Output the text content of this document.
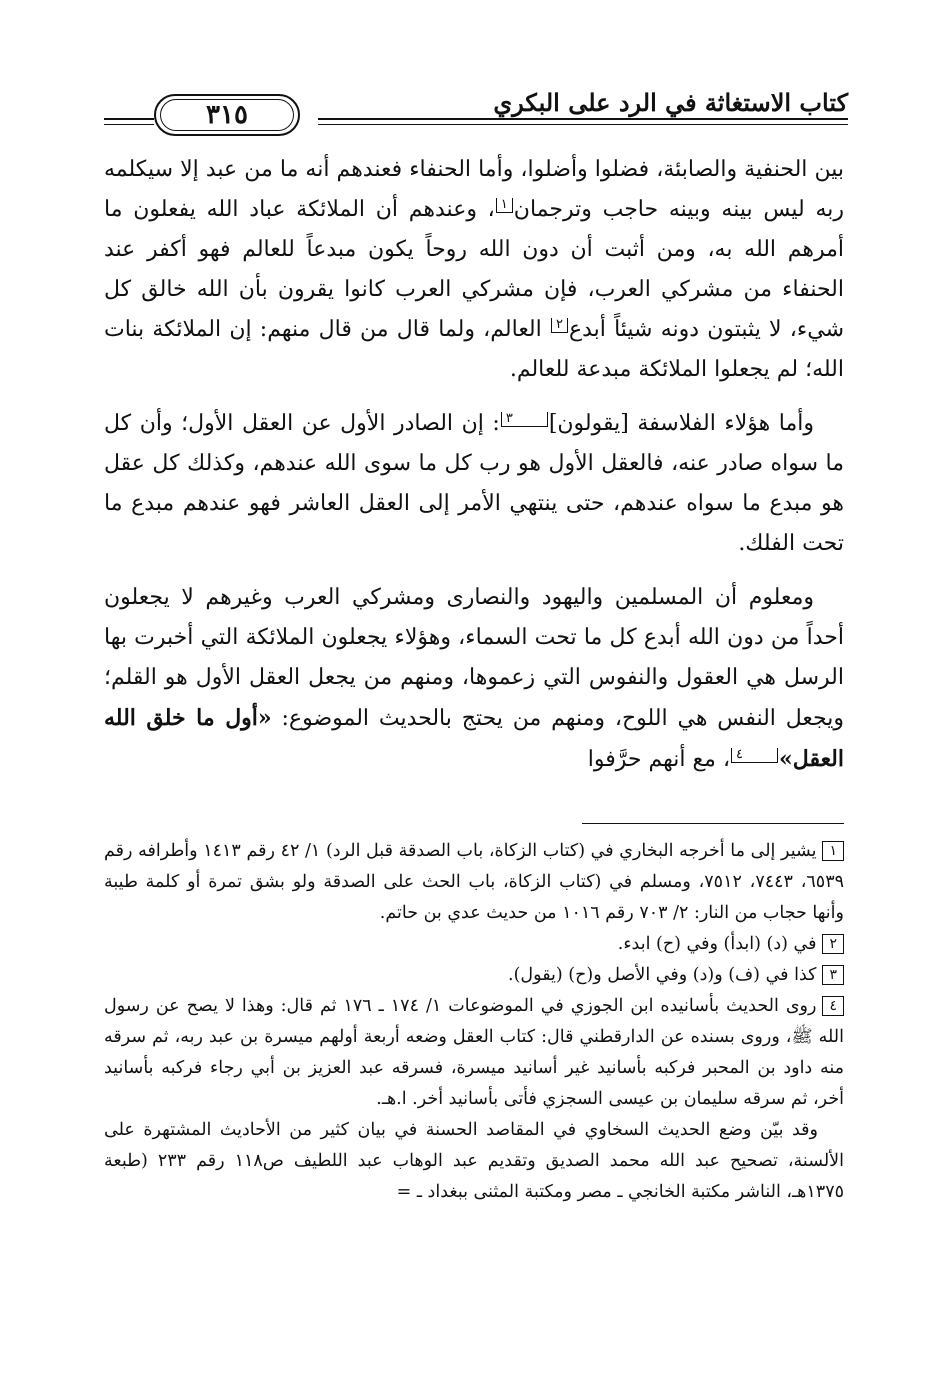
كتاب الاستغاثة في الرد على البكري
٣١٥

بين الحنفية والصابئة، فضلوا وأضلوا، وأما الحنفاء فعندهم أنه ما من عبد إلا سيكلمه ربه ليس بينه وبينه حاجب وترجمان١، وعندهم أن الملائكة عباد الله يفعلون ما أمرهم الله به، ومن أثبت أن دون الله روحاً يكون مبدعاً للعالم فهو أكفر عند الحنفاء من مشركي العرب، فإن مشركي العرب كانوا يقرون بأن الله خالق كل شيء، لا يثبتون دونه شيئاً أبدع٢ العالم، ولما قال من قال منهم: إن الملائكة بنات الله؛ لم يجعلوا الملائكة مبدعة للعالم.

وأما هؤلاء الفلاسفة [يقولون]٣: إن الصادر الأول عن العقل الأول؛ وأن كل ما سواه صادر عنه، فالعقل الأول هو رب كل ما سوى الله عندهم، وكذلك كل عقل هو مبدع ما سواه عندهم، حتى ينتهي الأمر إلى العقل العاشر فهو عندهم مبدع ما تحت الفلك.

ومعلوم أن المسلمين واليهود والنصارى ومشركي العرب وغيرهم لا يجعلون أحداً من دون الله أبدع كل ما تحت السماء، وهؤلاء يجعلون الملائكة التي أخبرت بها الرسل هي العقول والنفوس التي زعموها، ومنهم من يجعل العقل الأول هو القلم؛ ويجعل النفس هي اللوح، ومنهم من يحتج بالحديث الموضوع: «أول ما خلق الله العقل»٤، مع أنهم حرَّفوا

١يشير إلى ما أخرجه البخاري في (كتاب الزكاة، باب الصدقة قبل الرد) ١/ ٤٢ رقم ١٤١٣ وأطرافه رقم ٦٥٣٩، ٧٤٤٣، ٧٥١٢، ومسلم في (كتاب الزكاة، باب الحث على الصدقة ولو بشق تمرة أو كلمة طيبة وأنها حجاب من النار: ٢/ ٧٠٣ رقم ١٠١٦ من حديث عدي بن حاتم.

٢في (د) (ابدأ) وفي (ح) ابدء.

٣كذا في (ف) و(د) وفي الأصل و(ح) (يقول).

٤روى الحديث بأسانيده ابن الجوزي في الموضوعات ١/ ١٧٤ ـ ١٧٦ ثم قال: وهذا لا يصح عن رسول الله ﷺ، وروى بسنده عن الدارقطني قال: كتاب العقل وضعه أربعة أولهم ميسرة بن عبد ربه، ثم سرقه منه داود بن المحبر فركبه بأسانيد غير أسانيد ميسرة، فسرقه عبد العزيز بن أبي رجاء فركبه بأسانيد أخر، ثم سرقه سليمان بن عيسى السجزي فأتى بأسانيد أخر. ا.هـ.

وقد بيّن وضع الحديث السخاوي في المقاصد الحسنة في بيان كثير من الأحاديث المشتهرة على الألسنة، تصحيح عبد الله محمد الصديق وتقديم عبد الوهاب عبد اللطيف ص١١٨ رقم ٢٣٣ (طبعة ١٣٧٥هـ، الناشر مكتبة الخانجي ـ مصر ومكتبة المثنى ببغداد ـ =
